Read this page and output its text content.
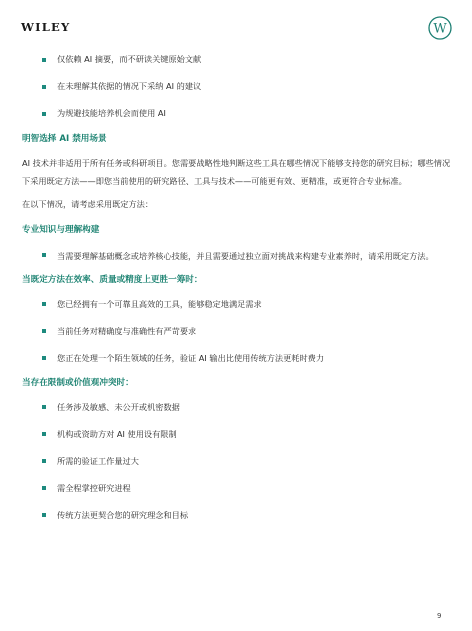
WILEY	W
仅依赖 AI 摘要，而不研读关键原始文献
在未理解其依据的情况下采纳 AI 的建议
为规避技能培养机会而使用 AI
明智选择 AI 禁用场景

AI 技术并非适用于所有任务或科研项目。您需要战略性地判断这些工具在哪些情况下能够支持您的研究目标；哪些情况下采用既定方法——即您当前使用的研究路径、工具与技术——可能更有效、更精准，或更符合专业标准。

在以下情况，请考虑采用既定方法：

专业知识与理解构建
当需要理解基础概念或培养核心技能，并且需要通过独立面对挑战来构建专业素养时，请采用既定方法。
当既定方法在效率、质量或精度上更胜一筹时：
您已经拥有一个可靠且高效的工具，能够稳定地满足需求
当前任务对精确度与准确性有严苛要求
您正在处理一个陌生领域的任务，验证 AI 输出比使用传统方法更耗时费力
当存在限制或价值观冲突时：
任务涉及敏感、未公开或机密数据
机构或资助方对 AI 使用设有限制
所需的验证工作量过大
需全程掌控研究进程
传统方法更契合您的研究理念和目标
9
